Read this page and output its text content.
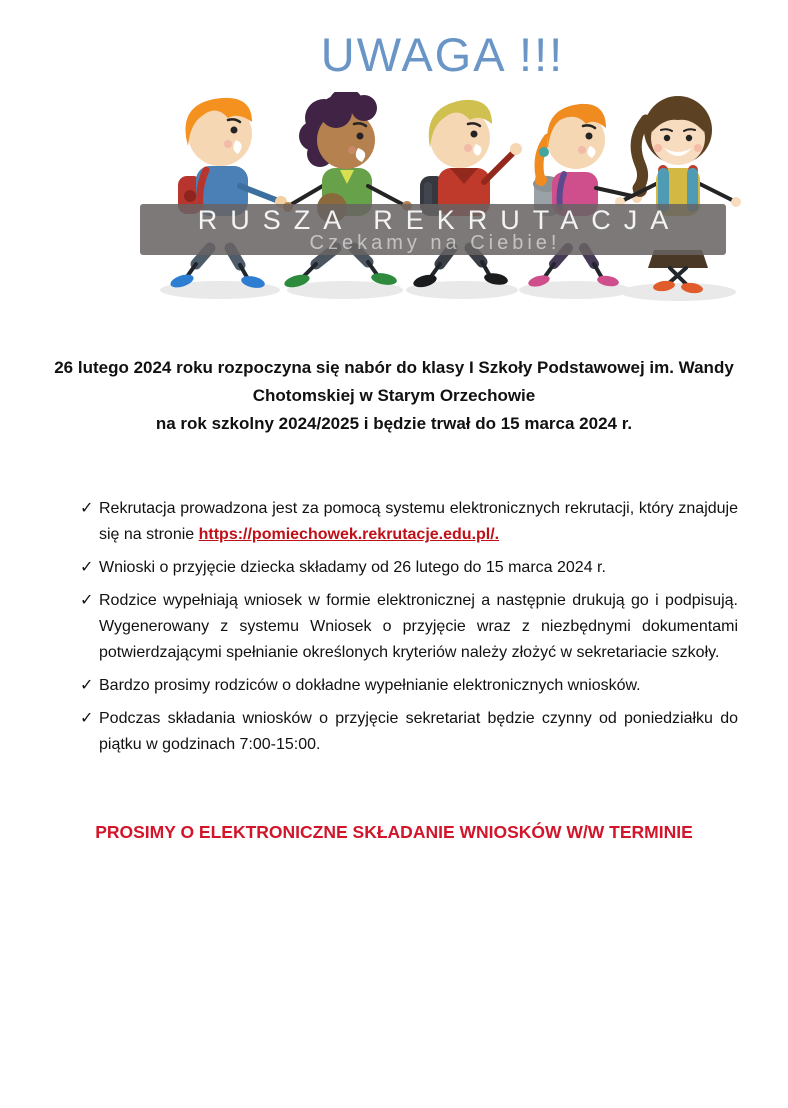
UWAGA !!!
RUSZA REKRUTACJA
Czekamy na Ciebie!
26 lutego 2024 roku rozpoczyna się nabór do klasy I Szkoły Podstawowej im. Wandy
Chotomskiej w Starym Orzechowie
na rok szkolny 2024/2025 i będzie trwał do 15 marca 2024 r.
✓ Rekrutacja prowadzona jest za pomocą systemu elektronicznych rekrutacji, który znajduje się na stronie https://pomiechowek.rekrutacje.edu.pl/.
✓ Wnioski o przyjęcie dziecka składamy od 26 lutego do 15 marca 2024 r.
✓ Rodzice wypełniają wniosek w formie elektronicznej a następnie drukują go i podpisują. Wygenerowany z systemu Wniosek o przyjęcie wraz z niezbędnymi dokumentami potwierdzającymi spełnianie określonych kryteriów należy złożyć w sekretariacie szkoły.
✓ Bardzo prosimy rodziców o dokładne wypełnianie elektronicznych wniosków.
✓ Podczas składania wniosków o przyjęcie sekretariat będzie czynny od poniedziałku do piątku w godzinach 7:00-15:00.
PROSIMY O ELEKTRONICZNE SKŁADANIE WNIOSKÓW W/W TERMINIE
